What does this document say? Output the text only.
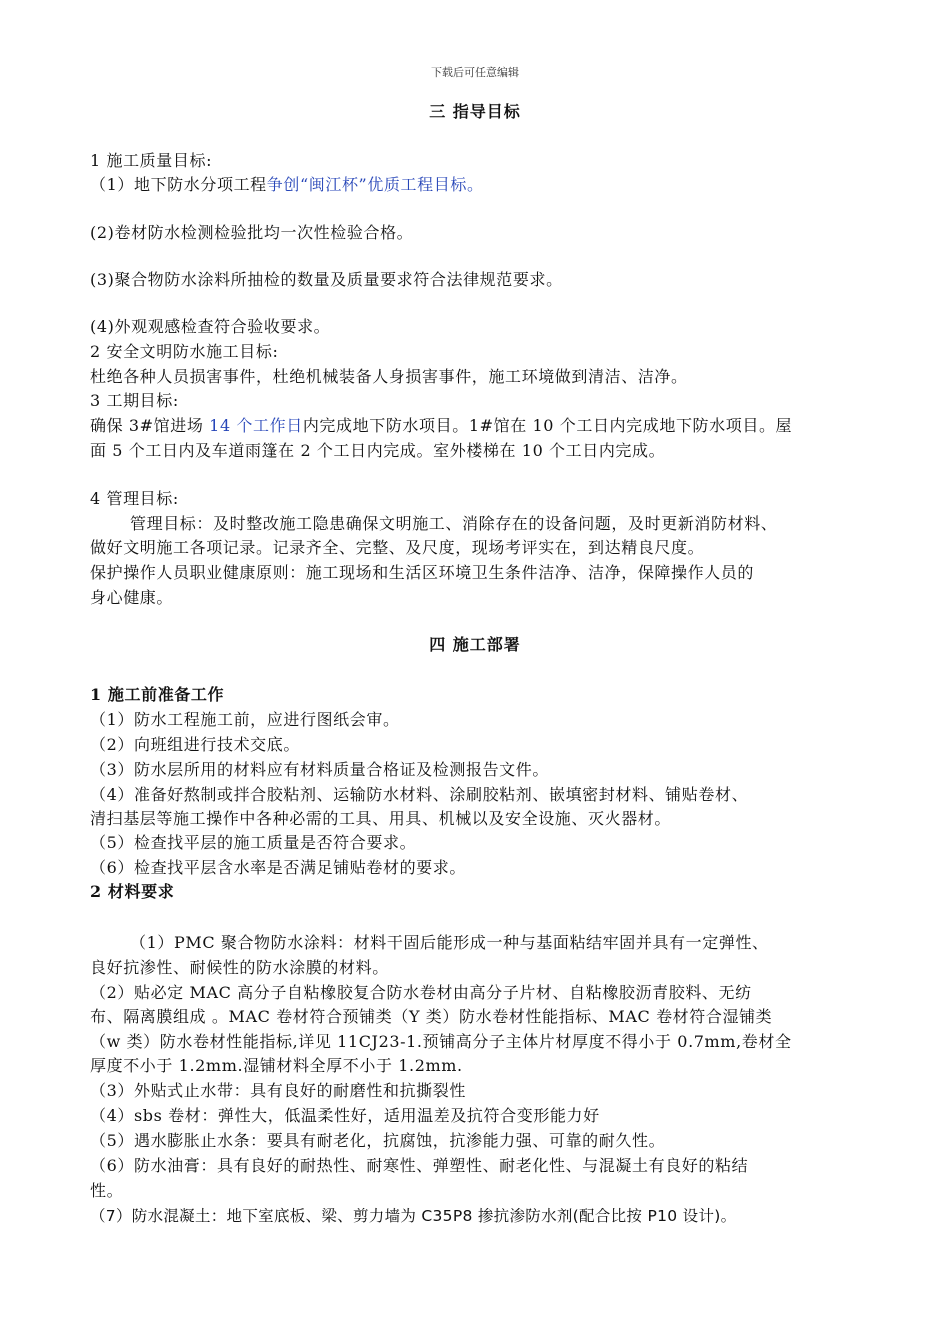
下载后可任意编辑
三 指导目标
1 施工质量目标:
（1）地下防水分项工程争创“闽江杯”优质工程目标。
(2)卷材防水检测检验批均一次性检验合格。
(3)聚合物防水涂料所抽检的数量及质量要求符合法律规范要求。
(4)外观观感检查符合验收要求。
2 安全文明防水施工目标:
杜绝各种人员损害事件，杜绝机械装备人身损害事件，施工环境做到清洁、洁净。
3 工期目标:
确保 3#馆进场 14 个工作日内完成地下防水项目。1#馆在 10 个工日内完成地下防水项目。屋
面 5 个工日内及车道雨篷在 2 个工日内完成。室外楼梯在 10 个工日内完成。
4 管理目标:
管理目标：及时整改施工隐患确保文明施工、消除存在的设备问题，及时更新消防材料、
做好文明施工各项记录。记录齐全、完整、及尺度，现场考评实在，到达精良尺度。
保护操作人员职业健康原则：施工现场和生活区环境卫生条件洁净、洁净，保障操作人员的
身心健康。
四 施工部署
1 施工前准备工作
（1）防水工程施工前，应进行图纸会审。
（2）向班组进行技术交底。
（3）防水层所用的材料应有材料质量合格证及检测报告文件。
（4）准备好熬制或拌合胶粘剂、运输防水材料、涂刷胶粘剂、嵌填密封材料、铺贴卷材、
清扫基层等施工操作中各种必需的工具、用具、机械以及安全设施、灭火器材。
（5）检查找平层的施工质量是否符合要求。
（6）检查找平层含水率是否满足铺贴卷材的要求。
2 材料要求
（1）PMC 聚合物防水涂料：材料干固后能形成一种与基面粘结牢固并具有一定弹性、
良好抗渗性、耐候性的防水涂膜的材料。
（2）贴必定 MAC 高分子自粘橡胶复合防水卷材由高分子片材、自粘橡胶沥青胶料、无纺
布、隔离膜组成 。MAC 卷材符合预铺类（Y 类）防水卷材性能指标、MAC 卷材符合湿铺类
（w 类）防水卷材性能指标,详见 11CJ23-1.预铺高分子主体片材厚度不得小于 0.7mm,卷材全
厚度不小于 1.2mm.湿铺材料全厚不小于 1.2mm.
（3）外贴式止水带：具有良好的耐磨性和抗撕裂性
（4）sbs 卷材：弹性大，低温柔性好，适用温差及抗符合变形能力好
（5）遇水膨胀止水条：要具有耐老化，抗腐蚀，抗渗能力强、可靠的耐久性。
（6）防水油膏：具有良好的耐热性、耐寒性、弹塑性、耐老化性、与混凝土有良好的粘结
性。
（7）防水混凝土：地下室底板、梁、剪力墙为 C35P8 掺抗渗防水剂(配合比按 P10 设计)。
